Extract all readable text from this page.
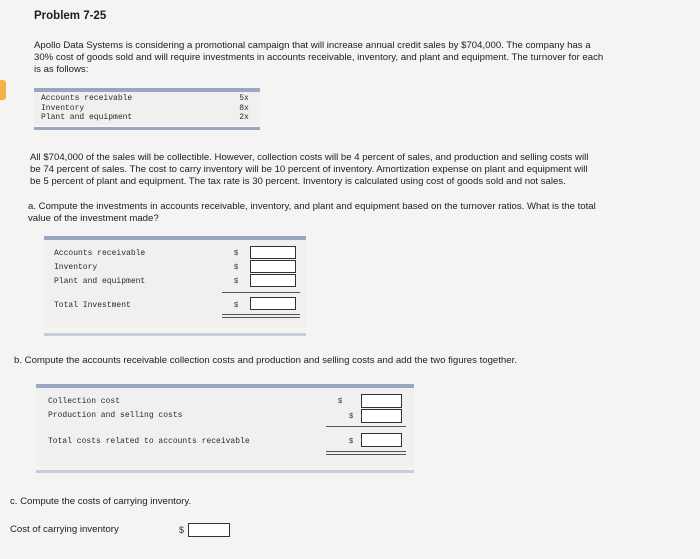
Problem 7-25
Apollo Data Systems is considering a promotional campaign that will increase annual credit sales by $704,000. The company has a
30% cost of goods sold and will require investments in accounts receivable, inventory, and plant and equipment. The turnover for each
is as follows:
Accounts receivable
Inventory
Plant and equipment
5x
8x
2x
All $704,000 of the sales will be collectible. However, collection costs will be 4 percent of sales, and production and selling costs will
be 74 percent of sales. The cost to carry inventory will be 10 percent of inventory. Amortization expense on plant and equipment will
be 5 percent of plant and equipment. The tax rate is 30 percent. Inventory is calculated using cost of goods sold and not sales.
a. Compute the investments in accounts receivable, inventory, and plant and equipment based on the turnover ratios. What is the total
value of the investment made?
Accounts receivable
Inventory
Plant and equipment
Total Investment
$
$
$
$
b. Compute the accounts receivable collection costs and production and selling costs and add the two figures together.
Collection cost
Production and selling costs
Total costs related to accounts receivable
$
$
$
c. Compute the costs of carrying inventory.
Cost of carrying inventory	$
